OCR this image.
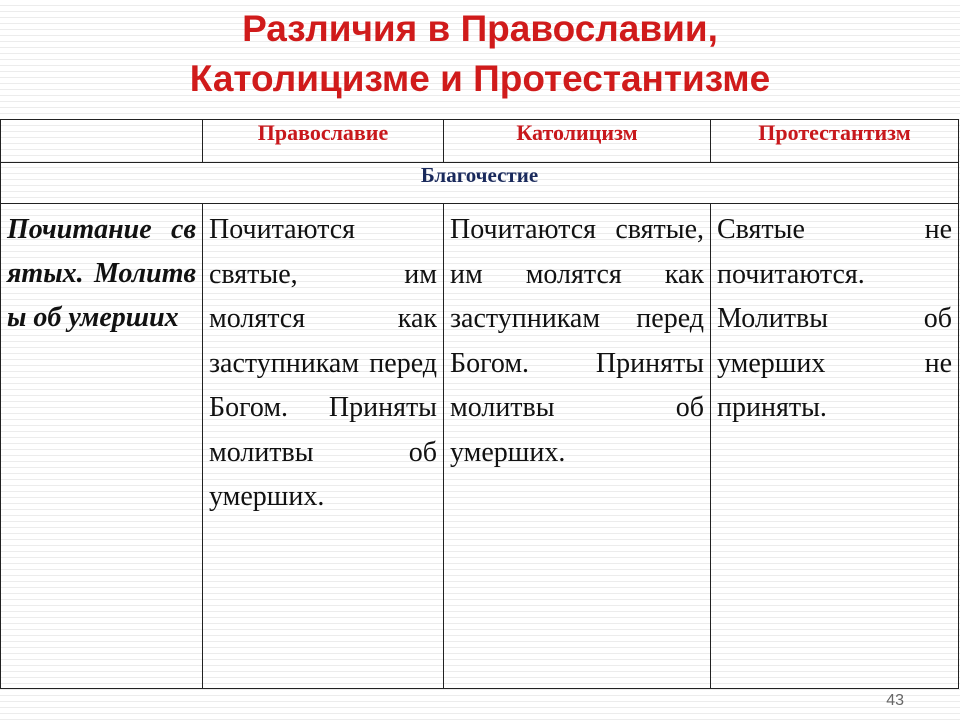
Различия в Православии,
Католицизме и Протестантизме
	Православие	Католицизм	Протестантизм
Благочестие			
Почитание святых. Молитвы об умерших	Почитаются святые, им молятся как заступникам перед Богом. Приняты молитвы об умерших.	Почитаются святые, им молятся как заступникам перед Богом. Приняты молитвы об умерших.	Святые не почитаются. Молитвы об умерших не приняты.
43
